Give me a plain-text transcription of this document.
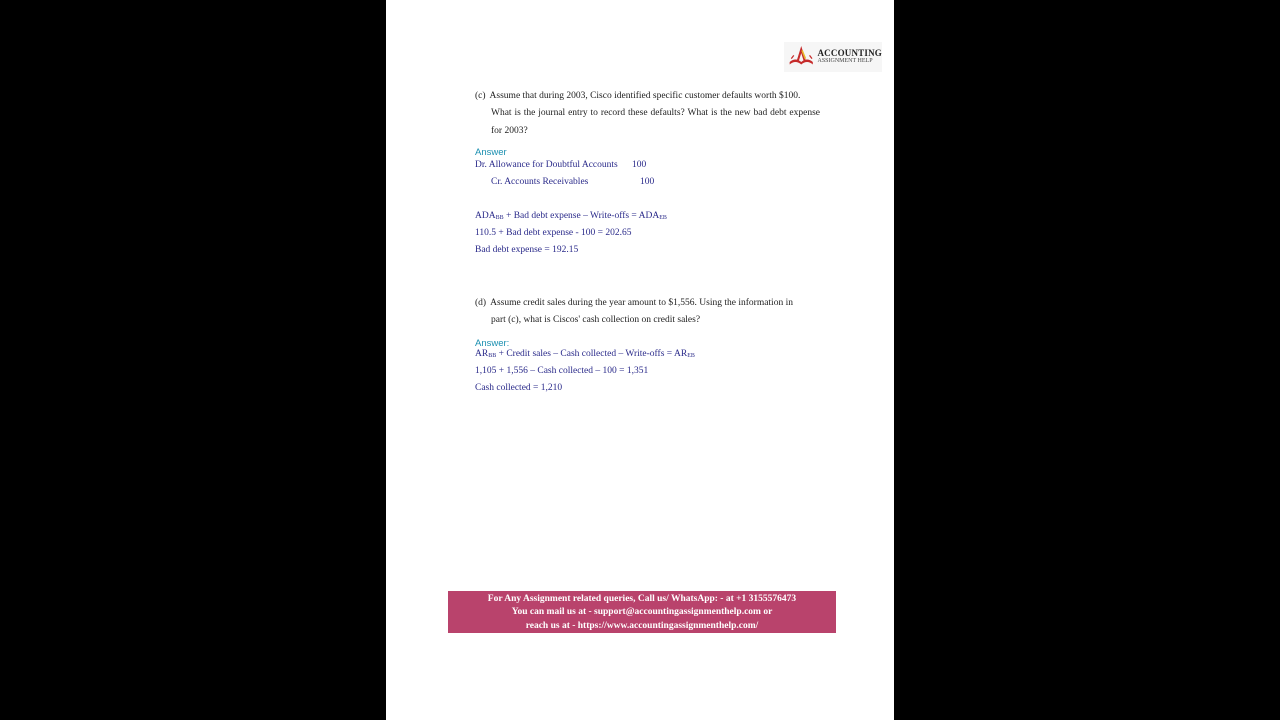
ACCOUNTING
ASSIGNMENT HELP
(c) Assume that during 2003, Cisco identified specific customer defaults worth $100.
What is the journal entry to record these defaults? What is the new bad debt expense for 2003?
Answer
Dr. Allowance for Doubtful Accounts 100
Cr. Accounts Receivables	100
$ADA_{BB}$ + Bad debt expense – Write-offs = $ADA_{EB}$
110.5 + Bad debt expense - 100 = 202.65
Bad debt expense = 192.15
(d) Assume credit sales during the year amount to $1,556. Using the information in
part (c), what is Ciscos' cash collection on credit sales?
Answer:
$AR_{BB}$ + Credit sales – Cash collected – Write-offs = $AR_{EB}$
1,105 + 1,556 – Cash collected – 100 = 1,351
Cash collected = 1,210
For Any Assignment related queries, Call us/ WhatsApp: - at +1 3155576473
You can mail us at - support@accountingassignmenthelp.com or
reach us at - https://www.accountingassignmenthelp.com/
